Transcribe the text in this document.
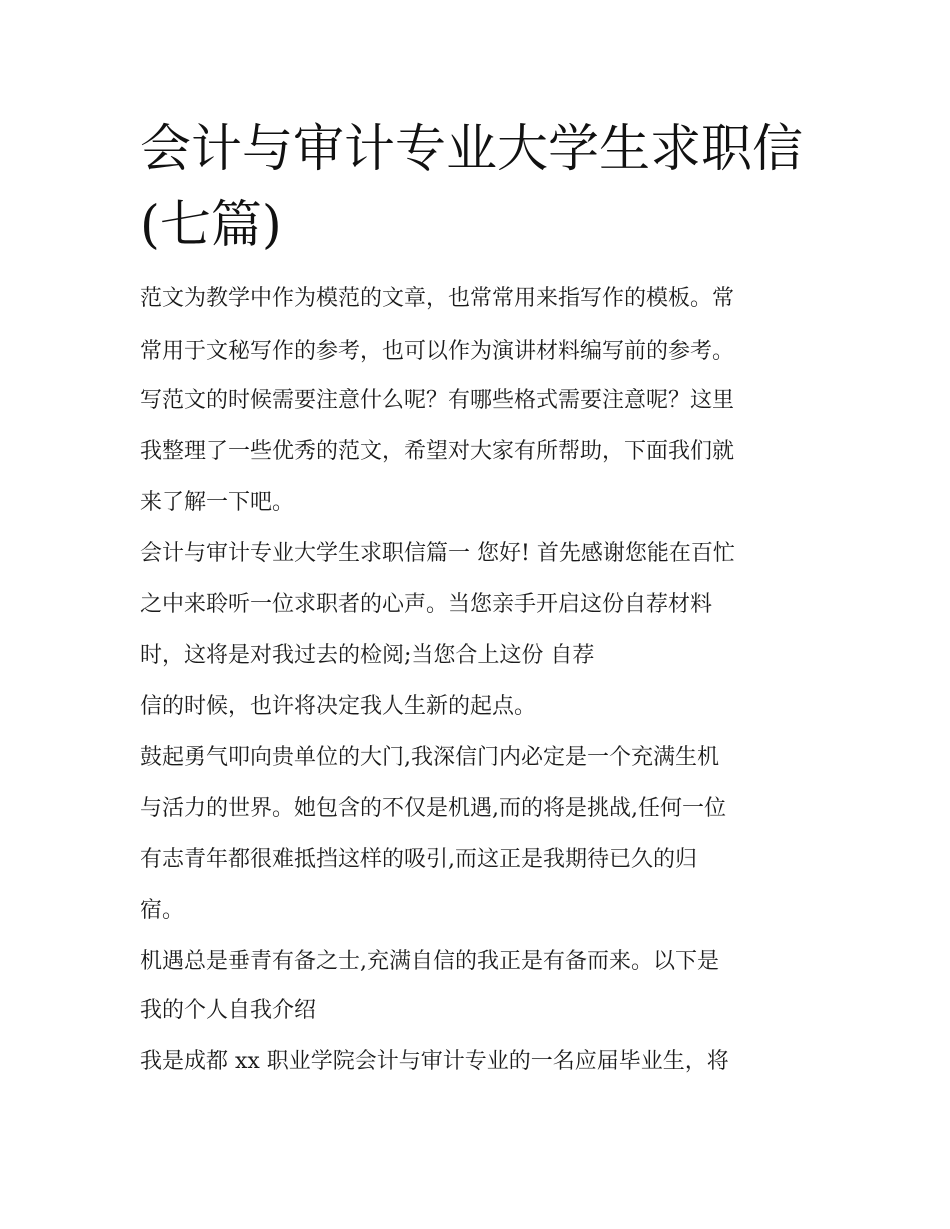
会计与审计专业大学生求职信
(七篇)

范文为教学中作为模范的文章，也常常用来指写作的模板。常

常用于文秘写作的参考，也可以作为演讲材料编写前的参考。

写范文的时候需要注意什么呢？有哪些格式需要注意呢？这里

我整理了一些优秀的范文，希望对大家有所帮助，下面我们就

来了解一下吧。

会计与审计专业大学生求职信篇一 您好! 首先感谢您能在百忙

之中来聆听一位求职者的心声。当您亲手开启这份自荐材料

时，这将是对我过去的检阅;当您合上这份 自荐

信的时候，也许将决定我人生新的起点。

鼓起勇气叩向贵单位的大门,我深信门内必定是一个充满生机

与活力的世界。她包含的不仅是机遇,而的将是挑战,任何一位

有志青年都很难抵挡这样的吸引,而这正是我期待已久的归

宿。

机遇总是垂青有备之士,充满自信的我正是有备而来。以下是

我的个人自我介绍

我是成都 xx 职业学院会计与审计专业的一名应届毕业生，将
